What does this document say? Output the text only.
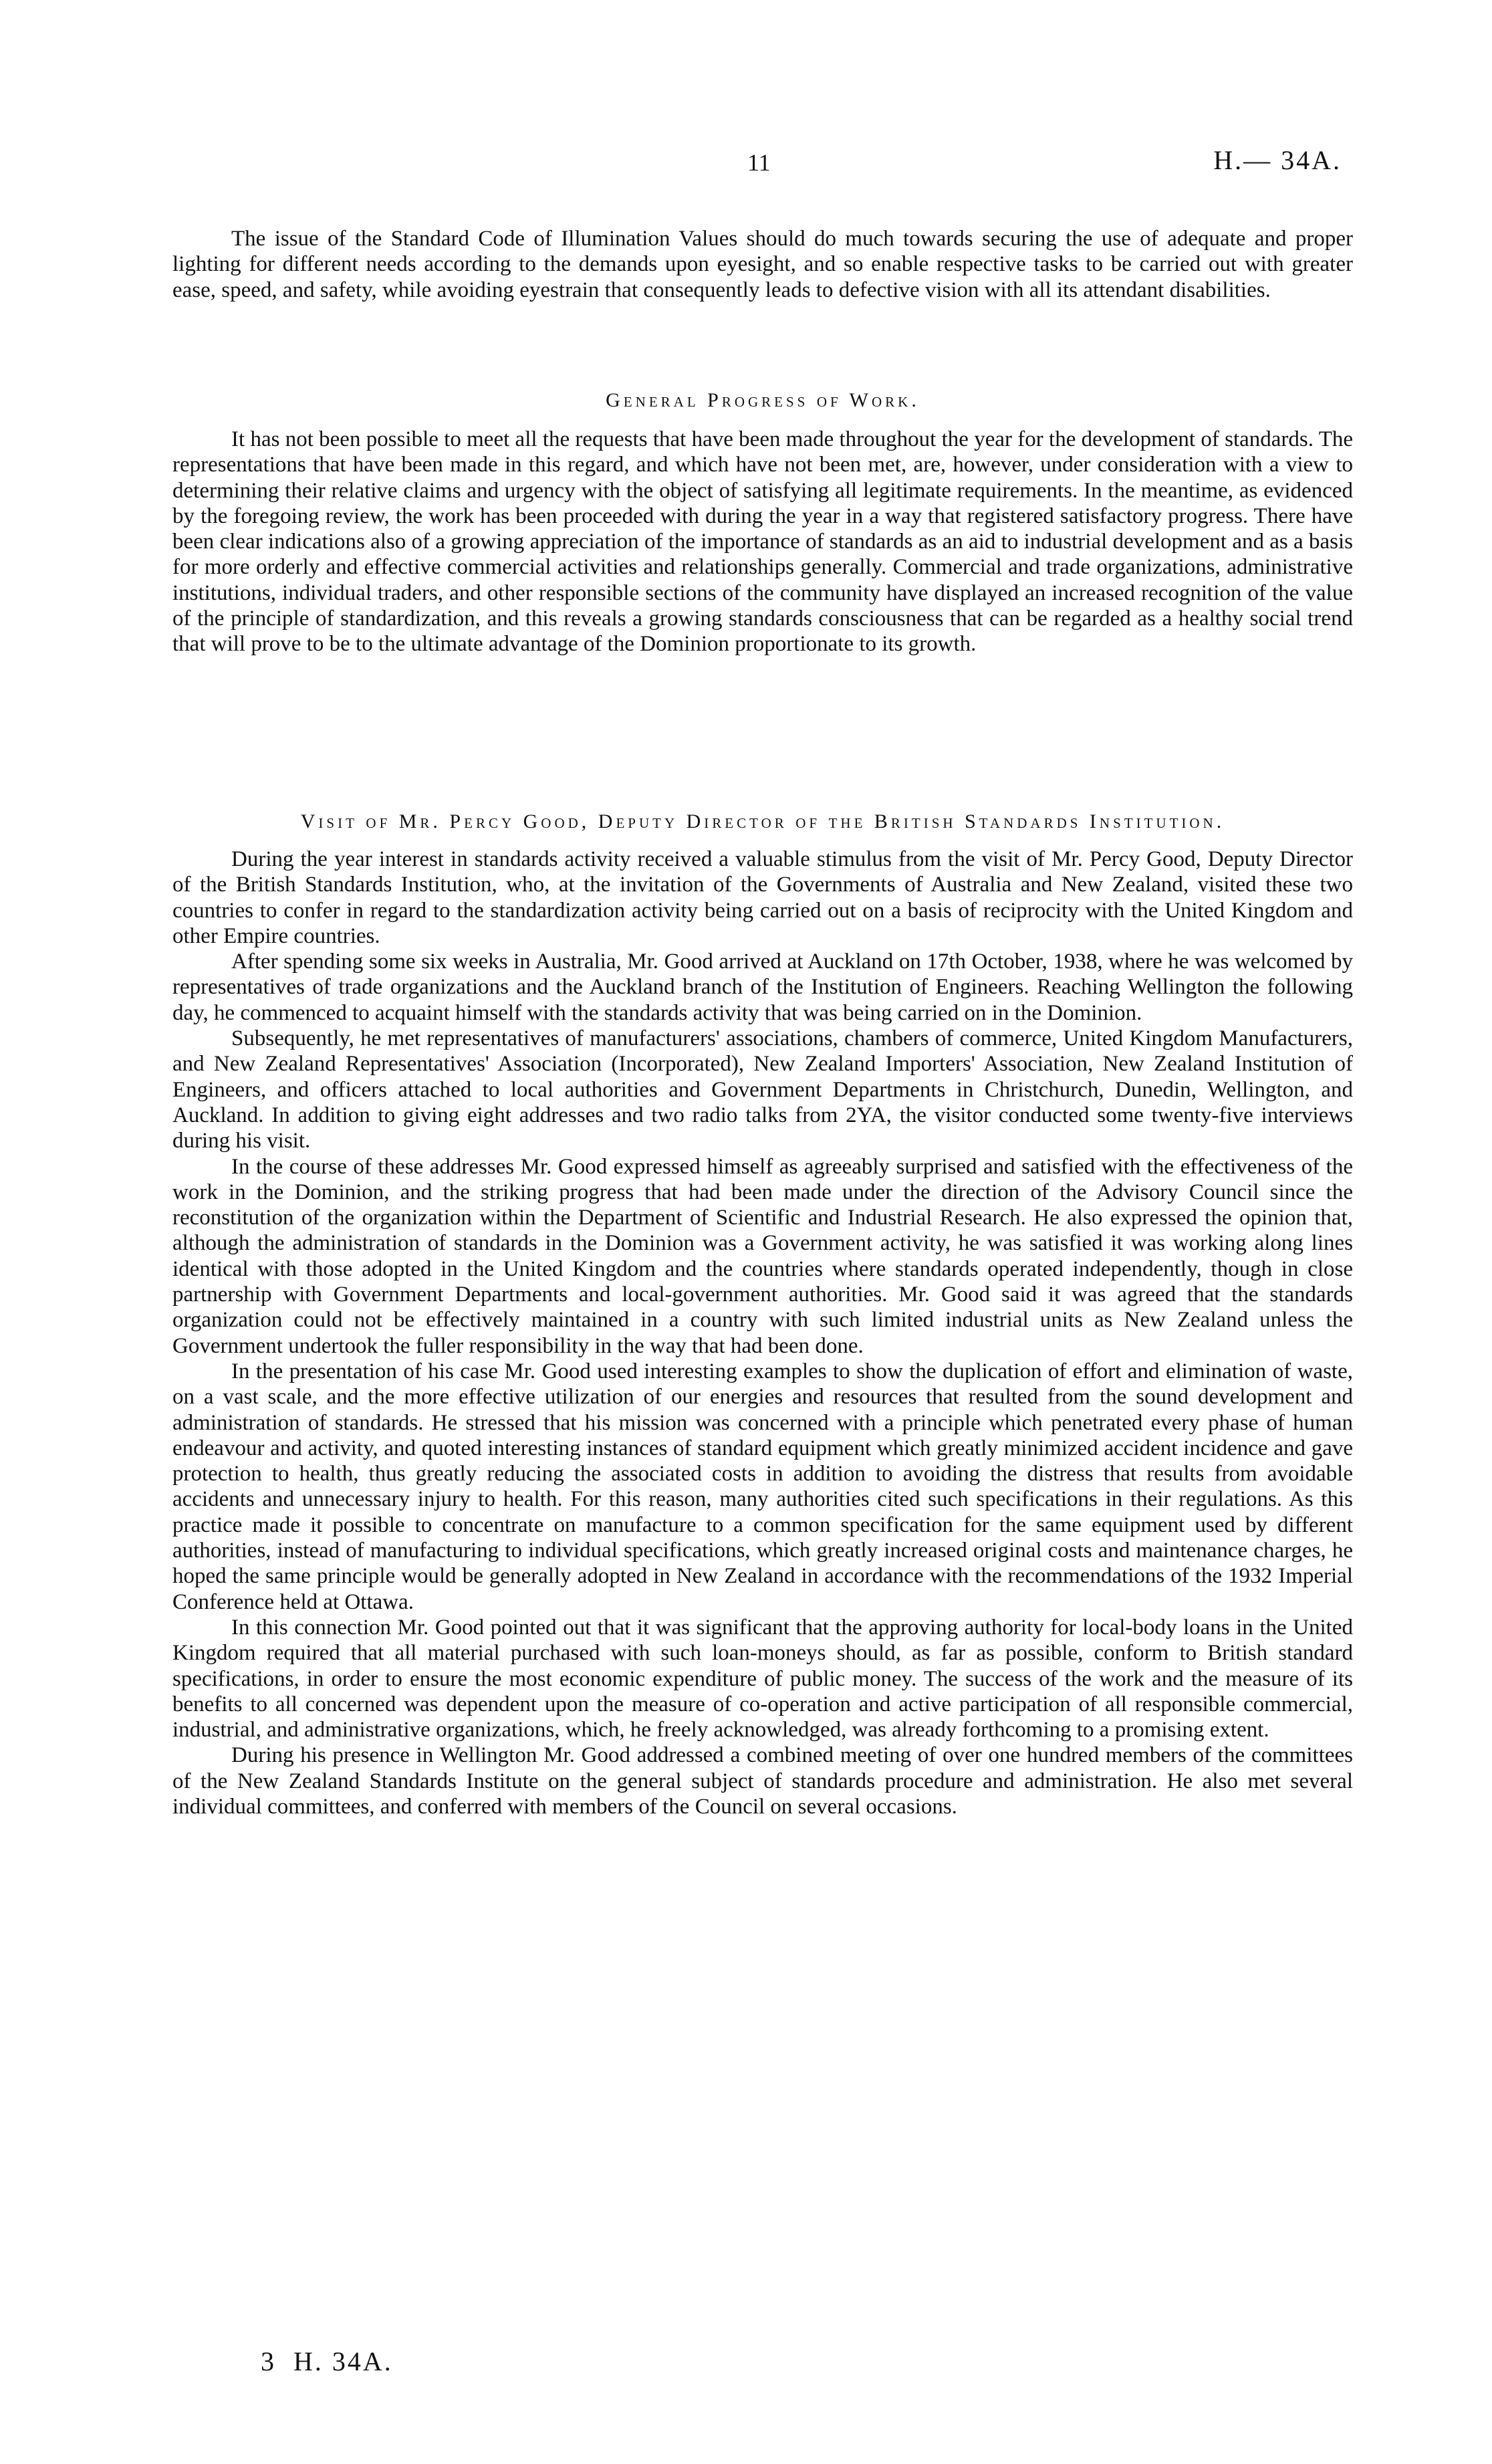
11	H.— 34A.

The issue of the Standard Code of Illumination Values should do much towards securing the use of adequate and proper lighting for different needs according to the demands upon eyesight, and so enable respective tasks to be carried out with greater ease, speed, and safety, while avoiding eyestrain that consequently leads to defective vision with all its attendant disabilities.

General Progress of Work.

It has not been possible to meet all the requests that have been made throughout the year for the development of standards. The representations that have been made in this regard, and which have not been met, are, however, under consideration with a view to determining their relative claims and urgency with the object of satisfying all legitimate requirements. In the meantime, as evidenced by the foregoing review, the work has been proceeded with during the year in a way that registered satisfactory progress. There have been clear indications also of a growing appreciation of the importance of standards as an aid to industrial development and as a basis for more orderly and effective commercial activities and relationships generally. Commercial and trade organizations, administrative institutions, individual traders, and other responsible sections of the community have displayed an increased recognition of the value of the principle of standardization, and this reveals a growing standards consciousness that can be regarded as a healthy social trend that will prove to be to the ultimate advantage of the Dominion proportionate to its growth.

Visit of Mr. Percy Good, Deputy Director of the British Standards Institution.

During the year interest in standards activity received a valuable stimulus from the visit of Mr. Percy Good, Deputy Director of the British Standards Institution, who, at the invitation of the Governments of Australia and New Zealand, visited these two countries to confer in regard to the standardization activity being carried out on a basis of reciprocity with the United Kingdom and other Empire countries.

After spending some six weeks in Australia, Mr. Good arrived at Auckland on 17th October, 1938, where he was welcomed by representatives of trade organizations and the Auckland branch of the Institution of Engineers. Reaching Wellington the following day, he commenced to acquaint himself with the standards activity that was being carried on in the Dominion.

Subsequently, he met representatives of manufacturers' associations, chambers of commerce, United Kingdom Manufacturers, and New Zealand Representatives' Association (Incorporated), New Zealand Importers' Association, New Zealand Institution of Engineers, and officers attached to local authorities and Government Departments in Christchurch, Dunedin, Wellington, and Auckland. In addition to giving eight addresses and two radio talks from 2YA, the visitor conducted some twenty-five interviews during his visit.

In the course of these addresses Mr. Good expressed himself as agreeably surprised and satisfied with the effectiveness of the work in the Dominion, and the striking progress that had been made under the direction of the Advisory Council since the reconstitution of the organization within the Department of Scientific and Industrial Research. He also expressed the opinion that, although the administration of standards in the Dominion was a Government activity, he was satisfied it was working along lines identical with those adopted in the United Kingdom and the countries where standards operated independently, though in close partnership with Government Departments and local-government authorities. Mr. Good said it was agreed that the standards organization could not be effectively maintained in a country with such limited industrial units as New Zealand unless the Government undertook the fuller responsibility in the way that had been done.

In the presentation of his case Mr. Good used interesting examples to show the duplication of effort and elimination of waste, on a vast scale, and the more effective utilization of our energies and resources that resulted from the sound development and administration of standards. He stressed that his mission was concerned with a principle which penetrated every phase of human endeavour and activity, and quoted interesting instances of standard equipment which greatly minimized accident incidence and gave protection to health, thus greatly reducing the associated costs in addition to avoiding the distress that results from avoidable accidents and unnecessary injury to health. For this reason, many authorities cited such specifications in their regulations. As this practice made it possible to concentrate on manufacture to a common specification for the same equipment used by different authorities, instead of manufacturing to individual specifications, which greatly increased original costs and maintenance charges, he hoped the same principle would be generally adopted in New Zealand in accordance with the recommendations of the 1932 Imperial Conference held at Ottawa.

In this connection Mr. Good pointed out that it was significant that the approving authority for local-body loans in the United Kingdom required that all material purchased with such loan-moneys should, as far as possible, conform to British standard specifications, in order to ensure the most economic expenditure of public money. The success of the work and the measure of its benefits to all concerned was dependent upon the measure of co-operation and active participation of all responsible commercial, industrial, and administrative organizations, which, he freely acknowledged, was already forthcoming to a promising extent.

During his presence in Wellington Mr. Good addressed a combined meeting of over one hundred members of the committees of the New Zealand Standards Institute on the general subject of standards procedure and administration. He also met several individual committees, and conferred with members of the Council on several occasions.

3  H. 34A.
